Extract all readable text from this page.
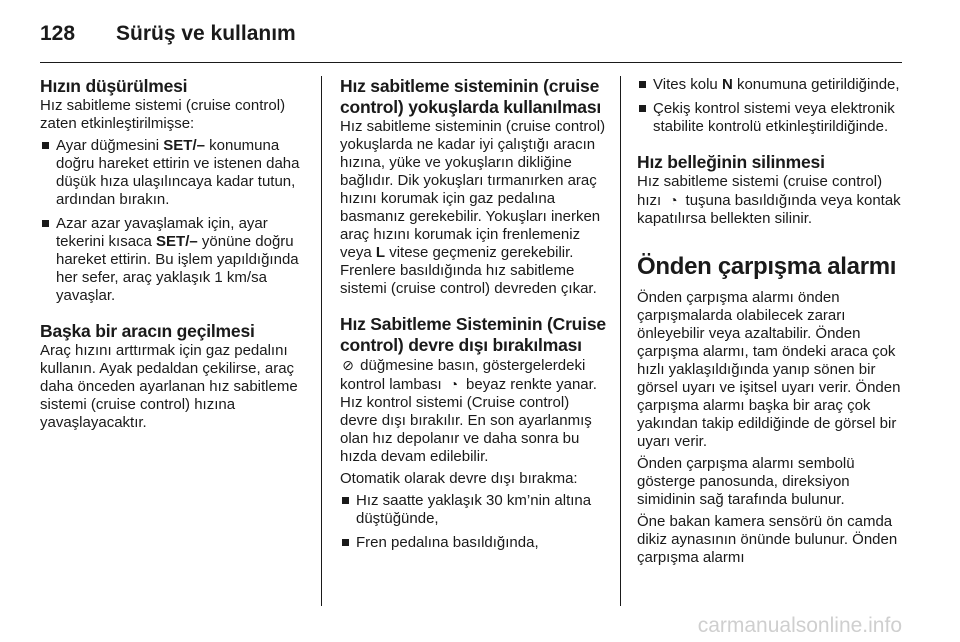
128 Sürüş ve kullanım
Hızın düşürülmesi

Hız sabitleme sistemi (cruise control) zaten etkinleştirilmişse:

Ayar düğmesini SET/– konumuna doğru hareket ettirin ve istenen daha düşük hıza ulaşılıncaya kadar tutun, ardından bırakın.
Azar azar yavaşlamak için, ayar tekerini kısaca SET/– yönüne doğru hareket ettirin. Bu işlem yapıldığında her sefer, araç yaklaşık 1 km/sa yavaşlar.
Başka bir aracın geçilmesi

Araç hızını arttırmak için gaz pedalını kullanın. Ayak pedaldan çekilirse, araç daha önceden ayarlanan hız sabitleme sistemi (cruise control) hızına yavaşlayacaktır.

Hız sabitleme sisteminin (cruise control) yokuşlarda kullanılması

Hız sabitleme sisteminin (cruise control) yokuşlarda ne kadar iyi çalıştığı aracın hızına, yüke ve yokuşların dikliğine bağlıdır. Dik yokuşları tırmanırken araç hızını korumak için gaz pedalına basmanız gerekebilir. Yokuşları inerken araç hızını korumak için frenlemeniz veya L vitese geçmeniz gerekebilir. Frenlere basıldığında hız sabitleme sistemi (cruise control) devreden çıkar.

Hız Sabitleme Sisteminin (Cruise control) devre dışı bırakılması

⊘ düğmesine basın, göstergelerdeki kontrol lambası ◔ beyaz renkte yanar. Hız kontrol sistemi (Cruise control) devre dışı bırakılır. En son ayarlanmış olan hız depolanır ve daha sonra bu hızda devam edilebilir.

Otomatik olarak devre dışı bırakma:

Hız saatte yaklaşık 30 km’nin altına düştüğünde,
Fren pedalına basıldığında,
Vites kolu N konumuna getirildiğinde,
Çekiş kontrol sistemi veya elektronik stabilite kontrolü etkinleştirildiğinde.
Hız belleğinin silinmesi

Hız sabitleme sistemi (cruise control) hızı ◔ tuşuna basıldığında veya kontak kapatılırsa bellekten silinir.

Önden çarpışma alarmı

Önden çarpışma alarmı önden çarpışmalarda olabilecek zararı önleyebilir veya azaltabilir. Önden çarpışma alarmı, tam öndeki araca çok hızlı yaklaşıldığında yanıp sönen bir görsel uyarı ve işitsel uyarı verir. Önden çarpışma alarmı başka bir araç çok yakından takip edildiğinde de görsel bir uyarı verir.

Önden çarpışma alarmı sembolü gösterge panosunda, direksiyon simidinin sağ tarafında bulunur.

Öne bakan kamera sensörü ön camda dikiz aynasının önünde bulunur. Önden çarpışma alarmı

carmanualsonline.info
